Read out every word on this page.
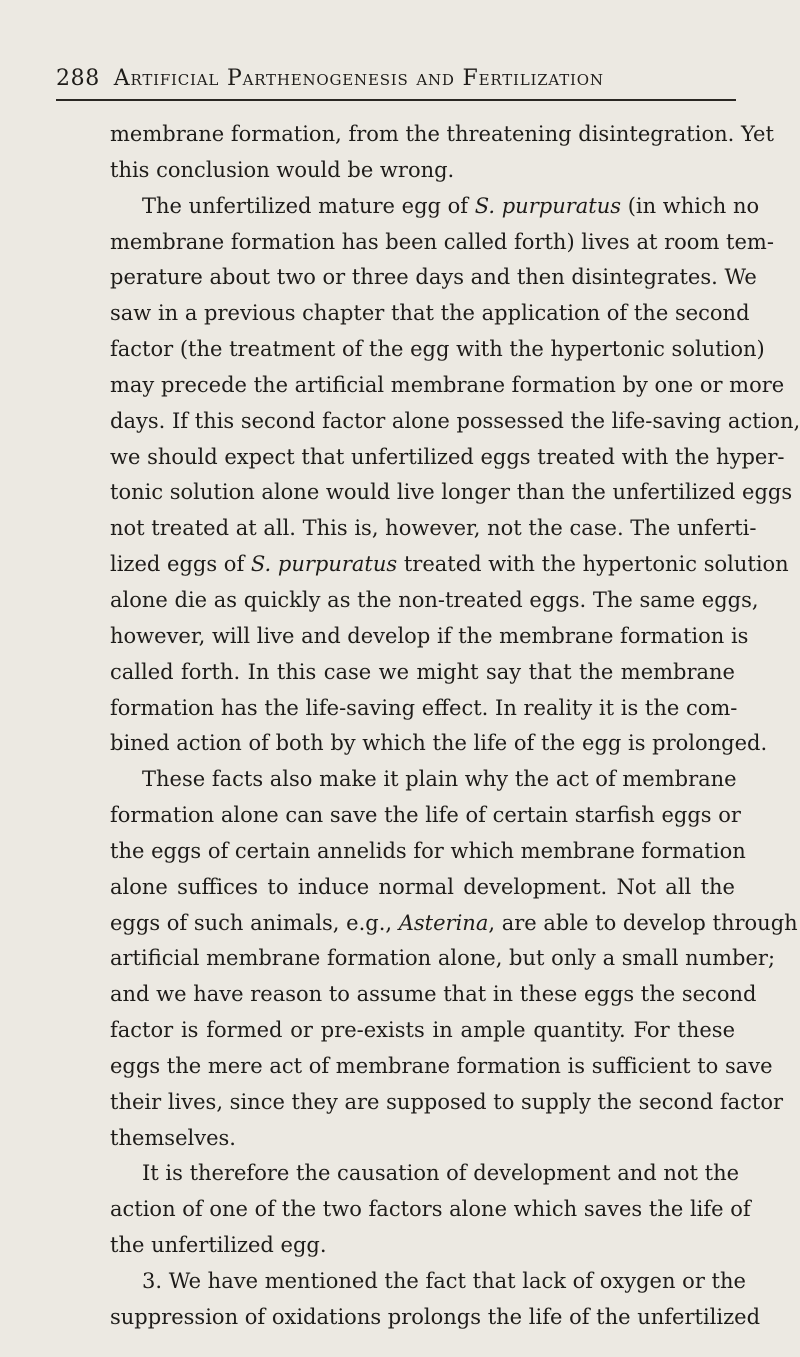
288 Artificial Parthenogenesis and Fertilization
membrane formation, from the threatening disintegration. Yet
this conclusion would be wrong.
The unfertilized mature egg of S. purpuratus (in which no
membrane formation has been called forth) lives at room tem-
perature about two or three days and then disintegrates. We
saw in a previous chapter that the application of the second
factor (the treatment of the egg with the hypertonic solution)
may precede the artificial membrane formation by one or more
days. If this second factor alone possessed the life-saving action,
we should expect that unfertilized eggs treated with the hyper-
tonic solution alone would live longer than the unfertilized eggs
not treated at all. This is, however, not the case. The unferti-
lized eggs of S. purpuratus treated with the hypertonic solution
alone die as quickly as the non-treated eggs. The same eggs,
however, will live and develop if the membrane formation is
called forth. In this case we might say that the membrane
formation has the life-saving effect. In reality it is the com-
bined action of both by which the life of the egg is prolonged.
These facts also make it plain why the act of membrane
formation alone can save the life of certain starfish eggs or
the eggs of certain annelids for which membrane formation
alone suffices to induce normal development. Not all the
eggs of such animals, e.g., Asterina, are able to develop through
artificial membrane formation alone, but only a small number;
and we have reason to assume that in these eggs the second
factor is formed or pre-exists in ample quantity. For these
eggs the mere act of membrane formation is sufficient to save
their lives, since they are supposed to supply the second factor
themselves.
It is therefore the causation of development and not the
action of one of the two factors alone which saves the life of
the unfertilized egg.
3. We have mentioned the fact that lack of oxygen or the
suppression of oxidations prolongs the life of the unfertilized
